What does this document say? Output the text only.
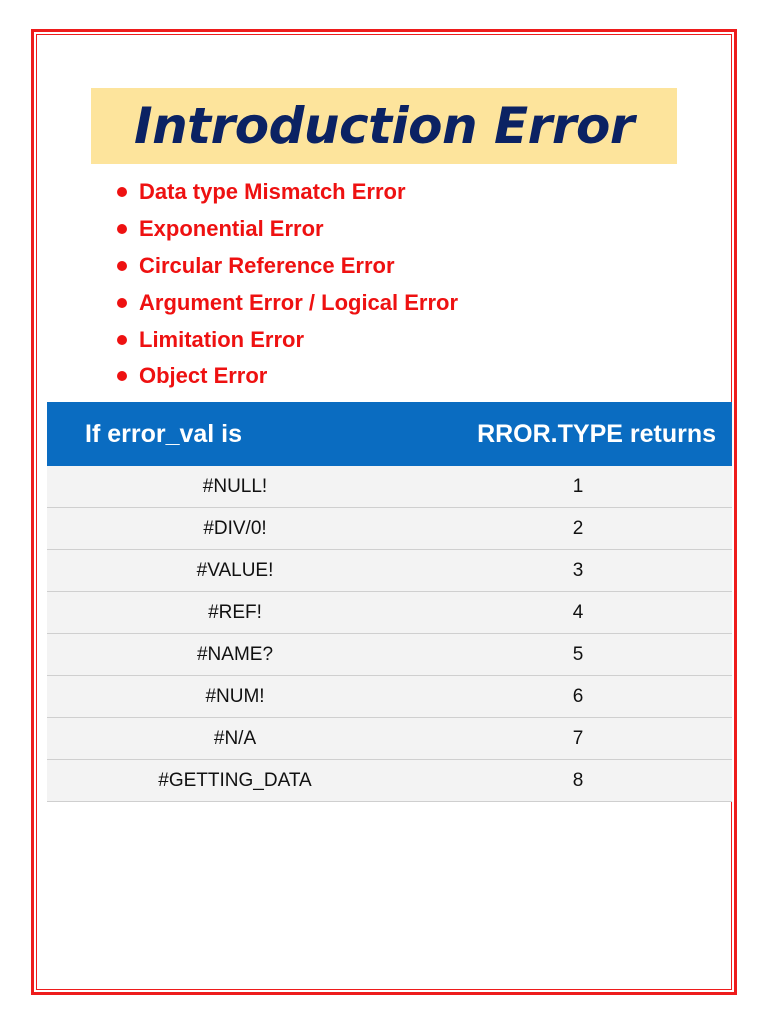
Introduction Error
Data type Mismatch Error
Exponential Error
Circular Reference Error
Argument Error / Logical Error
Limitation Error
Object Error
If error_val is	RROR.TYPE returns
#NULL!	1
#DIV/0!	2
#VALUE!	3
#REF!	4
#NAME?	5
#NUM!	6
#N/A	7
#GETTING_DATA	8
